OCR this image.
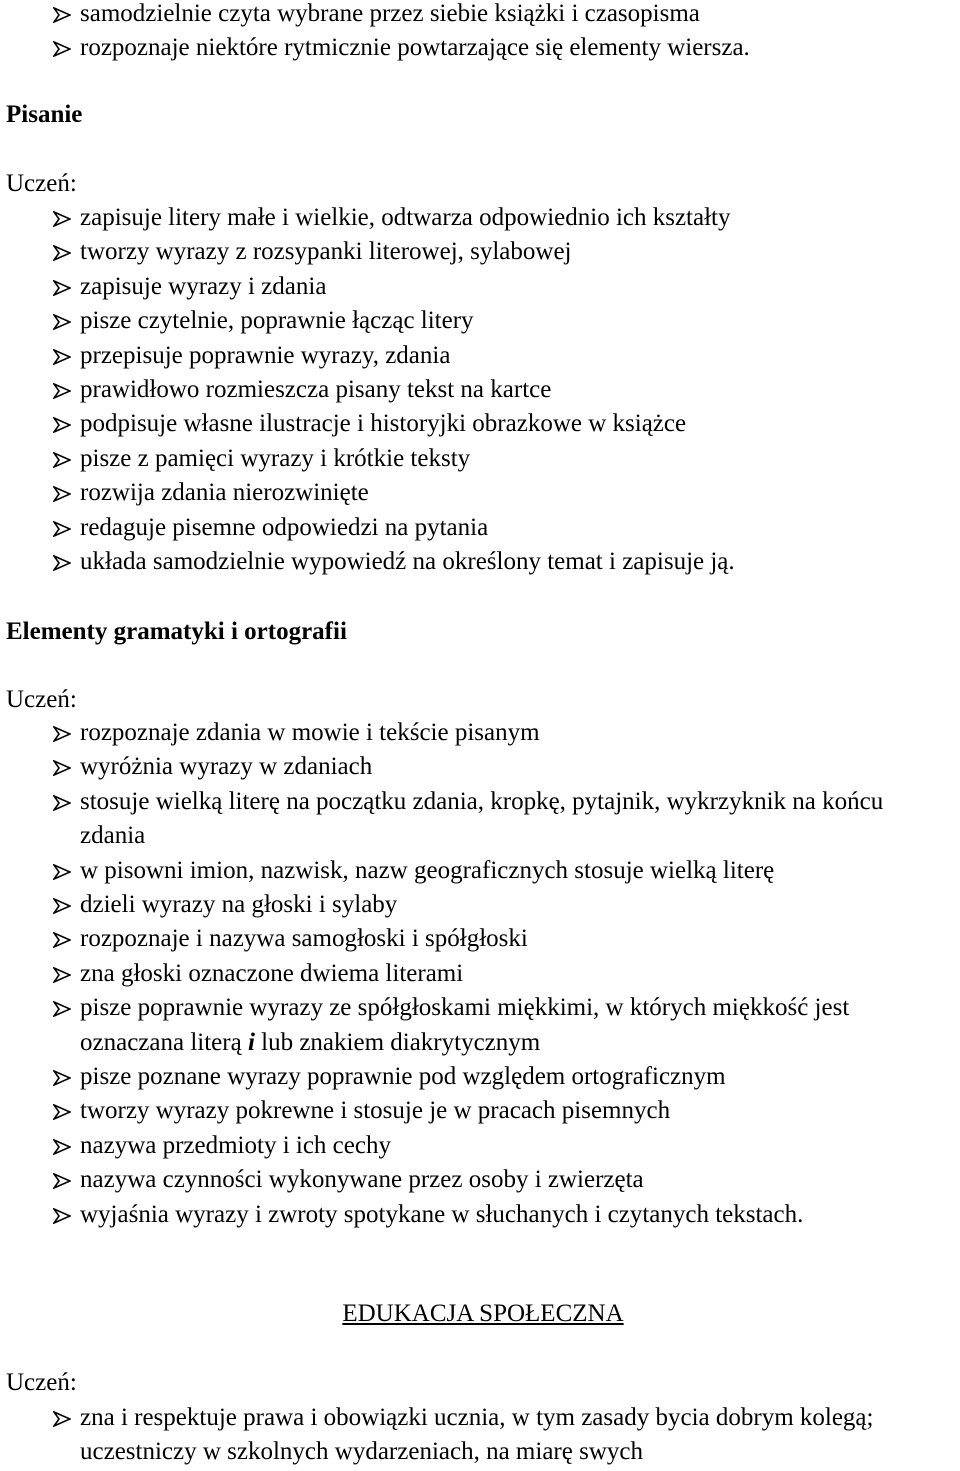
samodzielnie czyta wybrane przez siebie książki i czasopisma
rozpoznaje niektóre rytmicznie powtarzające się elementy wiersza.
Pisanie
Uczeń:
zapisuje litery małe i wielkie, odtwarza odpowiednio ich kształty
tworzy wyrazy z rozsypanki literowej, sylabowej
zapisuje wyrazy i zdania
pisze czytelnie, poprawnie łącząc litery
przepisuje poprawnie wyrazy, zdania
prawidłowo rozmieszcza pisany tekst na kartce
podpisuje własne ilustracje i historyjki obrazkowe w książce
pisze z pamięci wyrazy i krótkie teksty
rozwija zdania nierozwinięte
redaguje pisemne odpowiedzi na pytania
układa samodzielnie wypowiedź na określony temat i zapisuje ją.
Elementy gramatyki i ortografii
Uczeń:
rozpoznaje zdania w mowie i tekście pisanym
wyróżnia wyrazy w zdaniach
stosuje wielką literę na początku zdania, kropkę, pytajnik, wykrzyknik na końcu zdania
w pisowni imion, nazwisk, nazw geograficznych stosuje wielką literę
dzieli wyrazy na głoski i sylaby
rozpoznaje i nazywa samogłoski i spółgłoski
zna głoski oznaczone dwiema literami
pisze poprawnie wyrazy ze spółgłoskami miękkimi, w których miękkość jest oznaczana literą i lub znakiem diakrytycznym
pisze poznane wyrazy poprawnie pod względem ortograficznym
tworzy wyrazy pokrewne i stosuje je w pracach pisemnych
nazywa przedmioty i ich cechy
nazywa czynności wykonywane przez osoby i zwierzęta
wyjaśnia wyrazy i zwroty spotykane w słuchanych i czytanych tekstach.
EDUKACJA SPOŁECZNA
Uczeń:
zna i respektuje prawa i obowiązki ucznia, w tym zasady bycia dobrym kolegą; uczestniczy w szkolnych wydarzeniach, na miarę swych
